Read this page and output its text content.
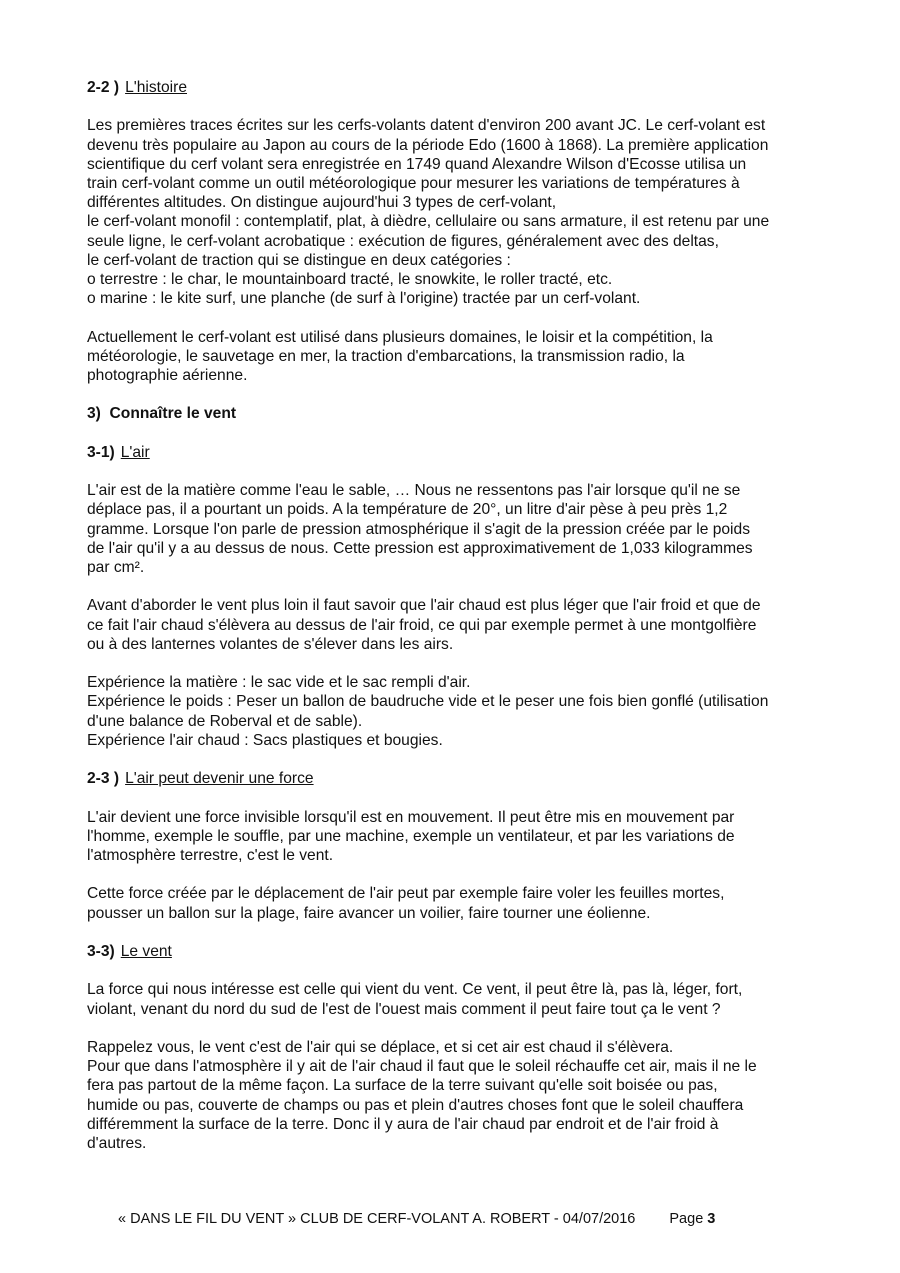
2-2 ) L'histoire
Les premières traces écrites sur les cerfs-volants datent d'environ 200 avant JC. Le cerf-volant est
devenu très populaire au Japon au cours de la période Edo (1600 à 1868). La première application
scientifique du cerf volant sera enregistrée en 1749 quand Alexandre Wilson d'Ecosse utilisa un
train cerf-volant comme un outil météorologique pour mesurer les variations de températures à
différentes altitudes. On distingue aujourd'hui 3 types de cerf-volant,
le cerf-volant monofil : contemplatif, plat, à dièdre, cellulaire ou sans armature, il est retenu par une
seule ligne, le cerf-volant acrobatique : exécution de figures, généralement avec des deltas,
le cerf-volant de traction qui se distingue en deux catégories :
o terrestre : le char, le mountainboard tracté, le snowkite, le roller tracté, etc.
o marine : le kite surf, une planche (de surf à l'origine) tractée par un cerf-volant.
Actuellement le cerf-volant est utilisé dans plusieurs domaines, le loisir et la compétition, la
météorologie, le sauvetage en mer, la traction d'embarcations, la transmission radio, la
photographie aérienne.
3)  Connaître le vent
3-1) L'air
L'air est de la matière comme l'eau le sable, … Nous ne ressentons pas l'air lorsque qu'il ne se
déplace pas, il a pourtant un poids. A la température de 20°, un litre d'air pèse à peu près 1,2
gramme. Lorsque l'on parle de pression atmosphérique il s'agit de la pression créée par le poids
de l'air qu'il y a au dessus de nous. Cette pression est approximativement de 1,033 kilogrammes
par cm².
Avant d'aborder le vent plus loin il faut savoir que l'air chaud est plus léger que l'air froid et que de
ce fait l'air chaud s'élèvera au dessus de l'air froid, ce qui par exemple permet à une montgolfière
ou à des lanternes volantes de s'élever dans les airs.
Expérience la matière : le sac vide et le sac rempli d'air.
Expérience le poids : Peser un ballon de baudruche vide et le peser une fois bien gonflé (utilisation
d'une balance de Roberval et de sable).
Expérience l'air chaud : Sacs plastiques et bougies.
2-3 ) L'air peut devenir une force
L'air devient une force invisible lorsqu'il est en mouvement. Il peut être mis en mouvement par
l'homme, exemple le souffle, par une machine, exemple un ventilateur, et par les variations de
l'atmosphère terrestre, c'est le vent.
Cette force créée par le déplacement de l'air peut par exemple faire voler les feuilles mortes,
pousser un ballon sur la plage, faire avancer un voilier, faire tourner une éolienne.
3-3) Le vent
La force qui nous intéresse est celle qui vient du vent. Ce vent, il peut être là, pas là, léger, fort,
violant, venant du nord du sud de l'est de l'ouest mais comment il peut faire tout ça le vent ?
Rappelez vous, le vent c'est de l'air qui se déplace, et si cet air est chaud il s'élèvera.
Pour que dans l'atmosphère il y ait de l'air chaud il faut que le soleil réchauffe cet air, mais il ne le
fera pas partout de la même façon. La surface de la terre suivant qu'elle soit boisée ou pas,
humide ou pas, couverte de champs ou pas et plein d'autres choses font que le soleil chauffera
différemment la surface de la terre. Donc il y aura de l'air chaud par endroit et de l'air froid à
d'autres.
« DANS LE FIL DU VENT » CLUB DE CERF-VOLANT A. ROBERT - 04/07/2016 Page 3
